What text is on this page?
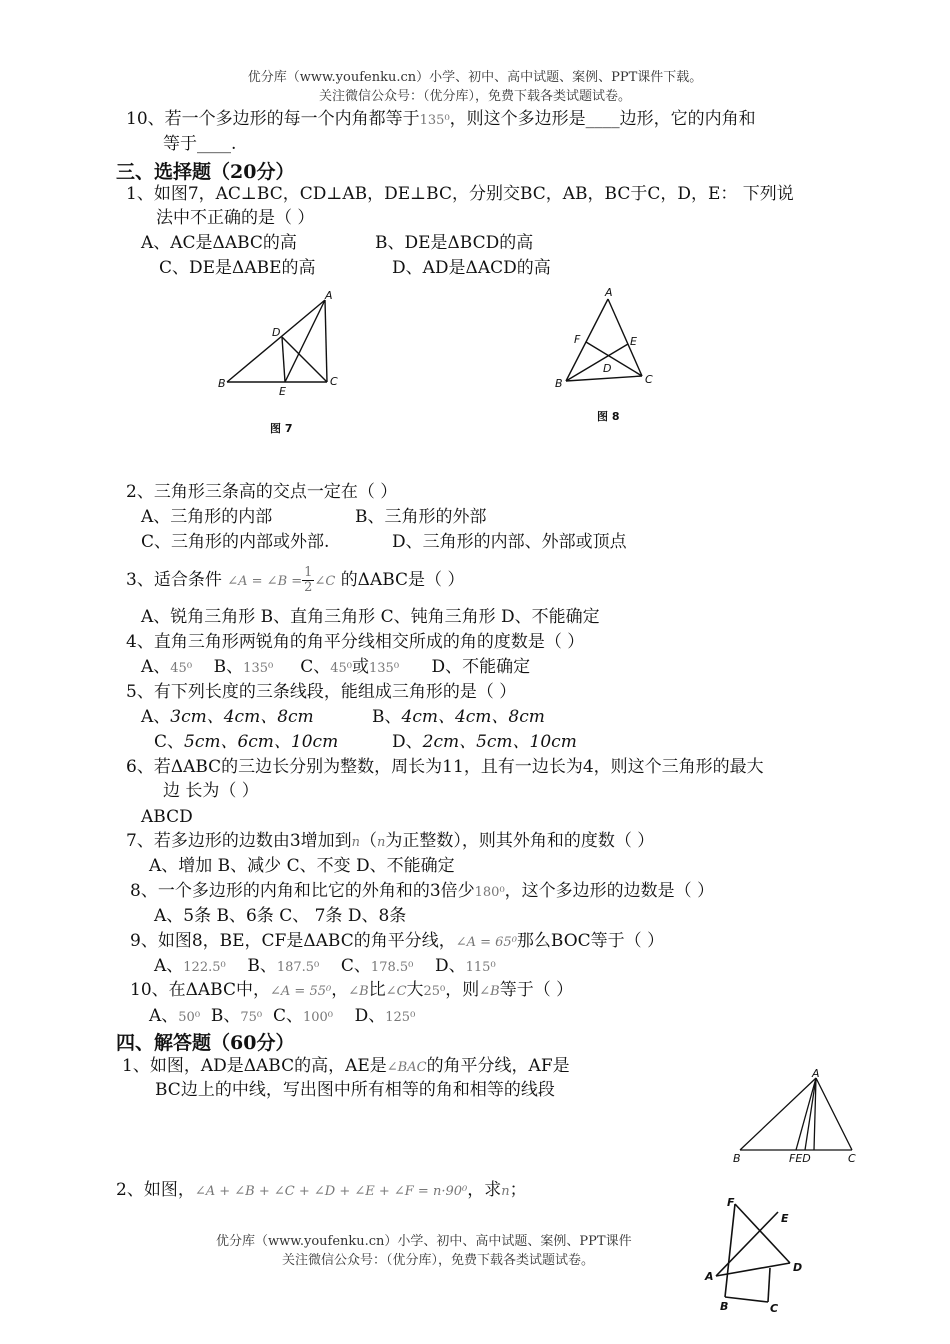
优分库（www.youfenku.cn）小学、初中、高中试题、案例、PPT课件下载。
关注微信公众号：（优分库），免费下载各类试题试卷。
10、若一个多边形的每一个内角都等于135⁰，则这个多边形是____边形，它的内角和
等于____.
三、选择题（20分）
1、如图7，AC⊥BC，CD⊥AB，DE⊥BC，分别交BC，AB，BC于C，D，E： 下列说
法中不正确的是（ ）
A、AC是ΔABC的高	B、DE是ΔBCD的高
C、DE是ΔABE的高	D、AD是ΔACD的高
A
B	C
D
E
图 7
A
B	C
D
E
F
图 8
2、三角形三条高的交点一定在（ ）
A、三角形的内部	B、三角形的外部
C、三角形的内部或外部.	D、三角形的内部、外部或顶点
3、适合条件 ∠A = ∠B = $\frac{1}{2}$ ∠C 的ΔABC是（ ）
A、锐角三角形 B、直角三角形 C、钝角三角形 D、不能确定
4、直角三角形两锐角的角平分线相交所成的角的度数是（ ）
A、45⁰ B、135⁰ C、45⁰或135⁰ D、不能确定
5、有下列长度的三条线段，能组成三角形的是（ ）
A、3cm、4cm、8cm	B、4cm、4cm、8cm
C、5cm、6cm、10cm	D、2cm、5cm、10cm
6、若ΔABC的三边长分别为整数，周长为11，且有一边长为4，则这个三角形的最大
边 长为（ ）
ABCD
7、若多边形的边数由3增加到n（n为正整数），则其外角和的度数（ ）
A、增加 B、减少 C、不变 D、不能确定
8、一个多边形的内角和比它的外角和的3倍少180⁰，这个多边形的边数是（ ）
A、5条 B、6条 C、 7条 D、8条
9、如图8，BE，CF是ΔABC的角平分线，∠A = 65⁰那么BOC等于（ ）
A、122.5⁰ B、187.5⁰ C、178.5⁰ D、115⁰
10、在ΔABC中，∠A = 55⁰，∠B比∠C大25⁰，则∠B等于（ ）
A、50⁰ B、75⁰ C、100⁰ D、125⁰
四、解答题（60分）
1、如图，AD是ΔABC的高，AE是∠BAC的角平分线，AF是
BC边上的中线，写出图中所有相等的角和相等的线段
A
B	FED	C
2、如图，∠A + ∠B + ∠C + ∠D + ∠E + ∠F = n·90⁰，求n；
F
E
A
D
B	C
优分库（www.youfenku.cn）小学、初中、高中试题、案例、PPT课件
关注微信公众号：（优分库），免费下载各类试题试卷。
